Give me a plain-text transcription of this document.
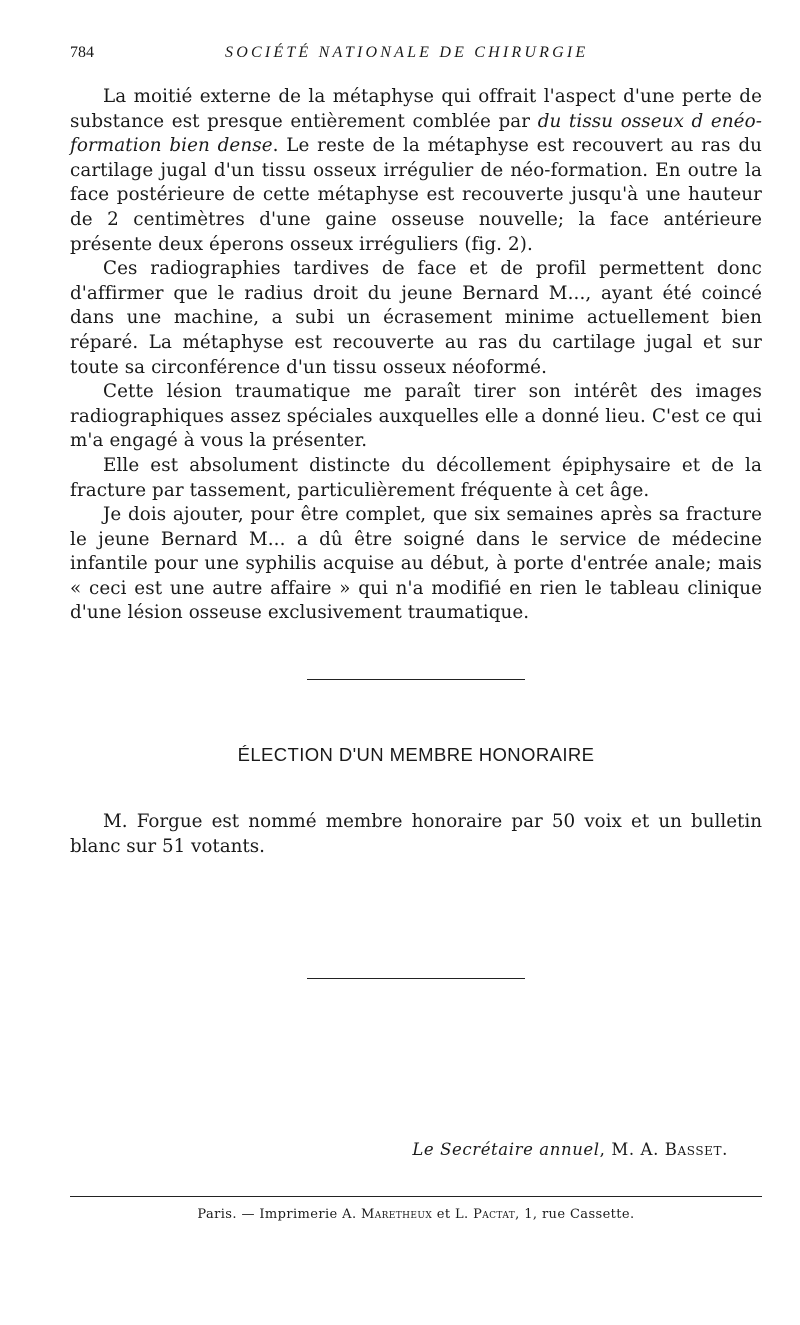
784	SOCIÉTÉ NATIONALE DE CHIRURGIE

La moitié externe de la métaphyse qui offrait l'aspect d'une perte de substance est presque entièrement comblée par du tissu osseux d enéo-formation bien dense. Le reste de la métaphyse est recouvert au ras du cartilage jugal d'un tissu osseux irrégulier de néo-formation. En outre la face postérieure de cette métaphyse est recouverte jusqu'à une hauteur de 2 centimètres d'une gaine osseuse nouvelle; la face antérieure présente deux éperons osseux irréguliers (fig. 2).

Ces radiographies tardives de face et de profil permettent donc d'affirmer que le radius droit du jeune Bernard M..., ayant été coincé dans une machine, a subi un écrasement minime actuellement bien réparé. La métaphyse est recouverte au ras du cartilage jugal et sur toute sa circonférence d'un tissu osseux néoformé.

Cette lésion traumatique me paraît tirer son intérêt des images radiographiques assez spéciales auxquelles elle a donné lieu. C'est ce qui m'a engagé à vous la présenter.

Elle est absolument distincte du décollement épiphysaire et de la fracture par tassement, particulièrement fréquente à cet âge.

Je dois ajouter, pour être complet, que six semaines après sa fracture le jeune Bernard M... a dû être soigné dans le service de médecine infantile pour une syphilis acquise au début, à porte d'entrée anale; mais « ceci est une autre affaire » qui n'a modifié en rien le tableau clinique d'une lésion osseuse exclusivement traumatique.

ÉLECTION D'UN MEMBRE HONORAIRE

M. Forgue est nommé membre honoraire par 50 voix et un bulletin blanc sur 51 votants.

Le Secrétaire annuel, M. A. Basset.
Paris. — Imprimerie A. Maretheux et L. Pactat, 1, rue Cassette.
